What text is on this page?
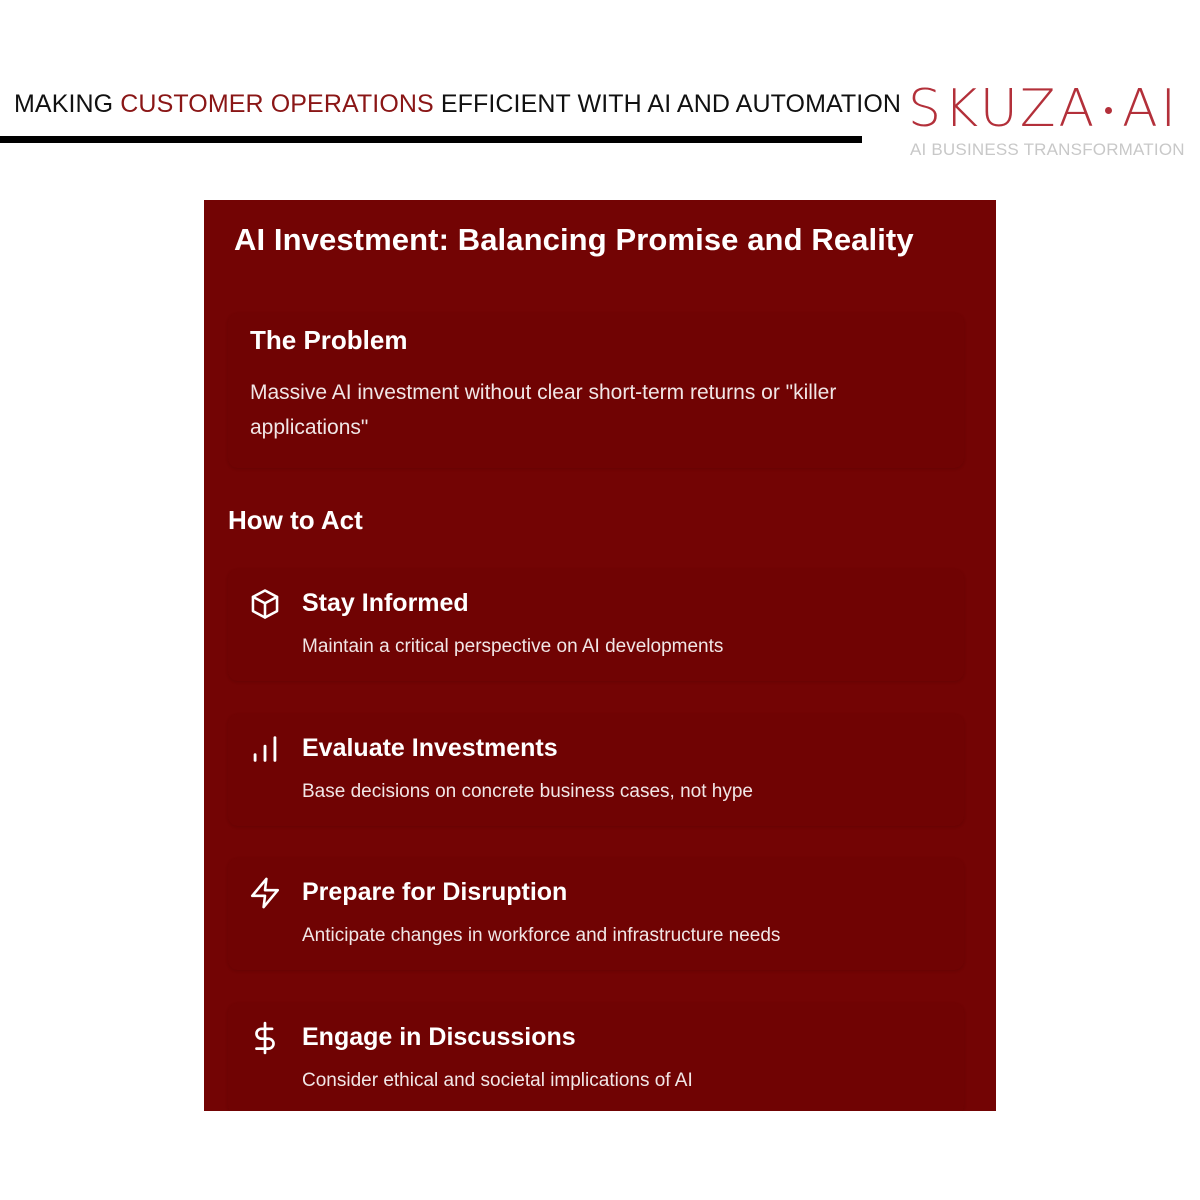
MAKING CUSTOMER OPERATIONS EFFICIENT WITH AI AND AUTOMATION SKUZA AI
AI BUSINESS TRANSFORMATION
AI Investment: Balancing Promise and Reality
The Problem
Massive AI investment without clear short-term returns or "killer applications"
How to Act
Stay Informed
Maintain a critical perspective on AI developments
Evaluate Investments
Base decisions on concrete business cases, not hype
Prepare for Disruption
Anticipate changes in workforce and infrastructure needs
Engage in Discussions
Consider ethical and societal implications of AI
